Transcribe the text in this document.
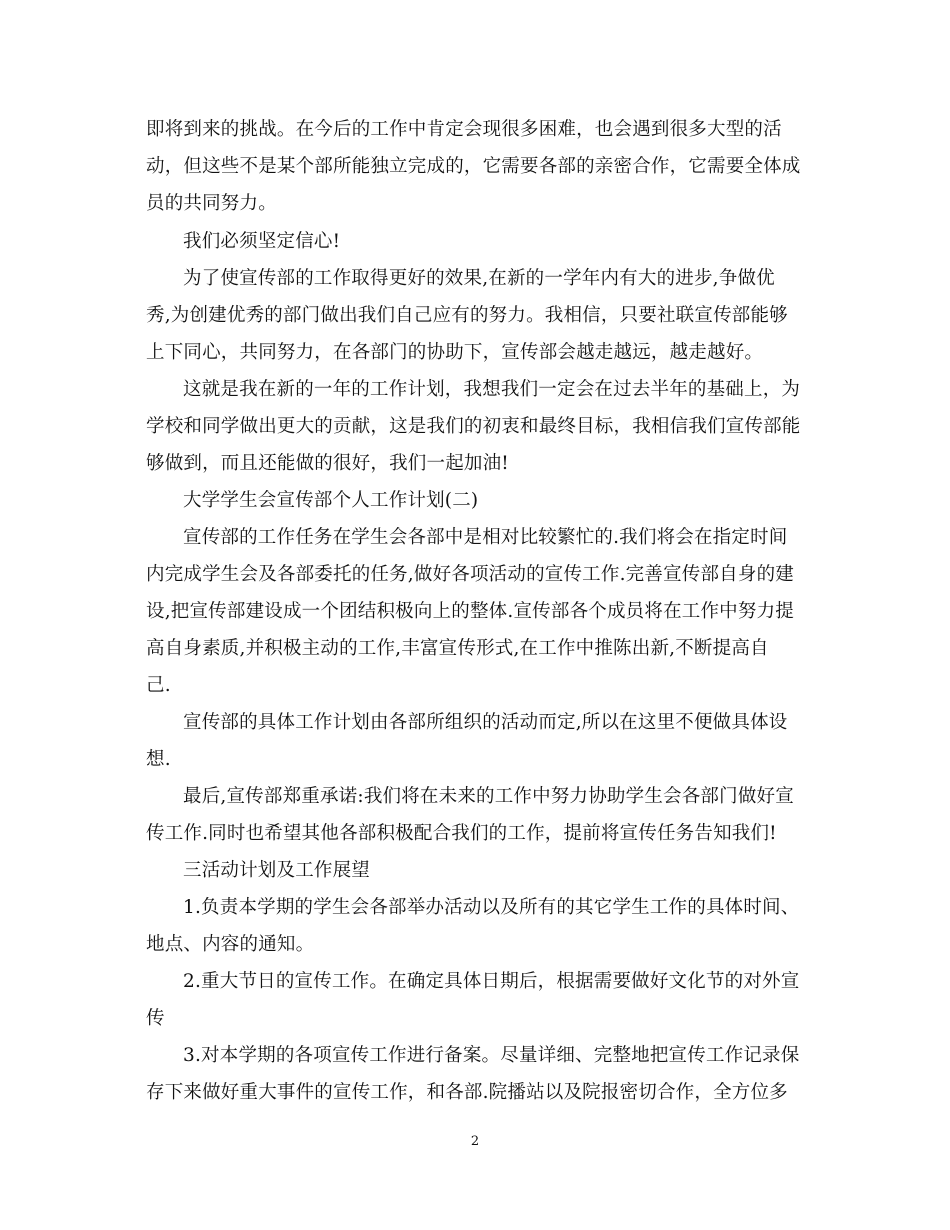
即将到来的挑战。在今后的工作中肯定会现很多困难，也会遇到很多大型的活
动，但这些不是某个部所能独立完成的，它需要各部的亲密合作，它需要全体成
员的共同努力。
我们必须坚定信心!
为了使宣传部的工作取得更好的效果,在新的一学年内有大的进步,争做优
秀,为创建优秀的部门做出我们自己应有的努力。我相信，只要社联宣传部能够
上下同心，共同努力，在各部门的协助下，宣传部会越走越远，越走越好。
这就是我在新的一年的工作计划，我想我们一定会在过去半年的基础上，为
学校和同学做出更大的贡献，这是我们的初衷和最终目标，我相信我们宣传部能
够做到，而且还能做的很好，我们一起加油!
大学学生会宣传部个人工作计划(二)
宣传部的工作任务在学生会各部中是相对比较繁忙的.我们将会在指定时间
内完成学生会及各部委托的任务,做好各项活动的宣传工作.完善宣传部自身的建
设,把宣传部建设成一个团结积极向上的整体.宣传部各个成员将在工作中努力提
高自身素质,并积极主动的工作,丰富宣传形式,在工作中推陈出新,不断提高自
己.
宣传部的具体工作计划由各部所组织的活动而定,所以在这里不便做具体设
想.
最后,宣传部郑重承诺:我们将在未来的工作中努力协助学生会各部门做好宣
传工作.同时也希望其他各部积极配合我们的工作，提前将宣传任务告知我们!
三活动计划及工作展望
1.负责本学期的学生会各部举办活动以及所有的其它学生工作的具体时间、
地点、内容的通知。
2.重大节日的宣传工作。在确定具体日期后，根据需要做好文化节的对外宣
传
3.对本学期的各项宣传工作进行备案。尽量详细、完整地把宣传工作记录保
存下来做好重大事件的宣传工作，和各部.院播站以及院报密切合作，全方位多
2
